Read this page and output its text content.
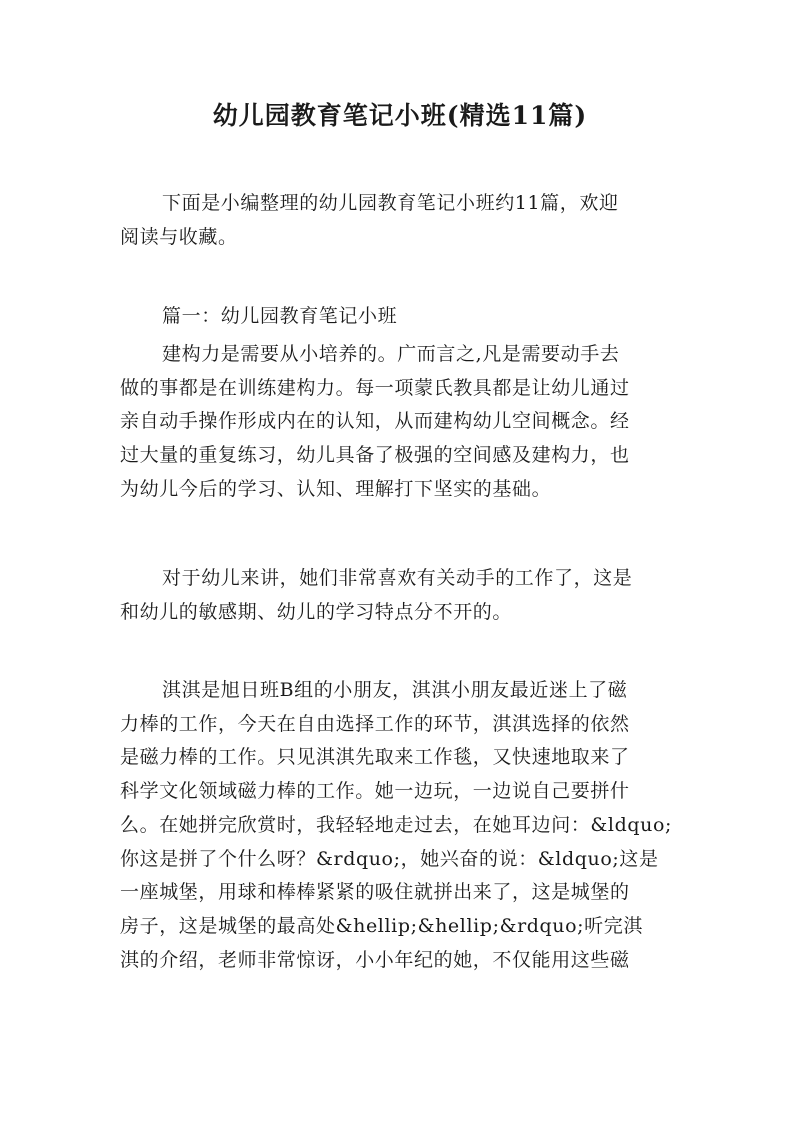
幼儿园教育笔记小班(精选11篇)
下面是小编整理的幼儿园教育笔记小班约11篇，欢迎
阅读与收藏。
篇一：幼儿园教育笔记小班
建构力是需要从小培养的。广而言之,凡是需要动手去
做的事都是在训练建构力。每一项蒙氏教具都是让幼儿通过
亲自动手操作形成内在的认知，从而建构幼儿空间概念。经
过大量的重复练习，幼儿具备了极强的空间感及建构力，也
为幼儿今后的学习、认知、理解打下坚实的基础。
对于幼儿来讲，她们非常喜欢有关动手的工作了，这是
和幼儿的敏感期、幼儿的学习特点分不开的。
淇淇是旭日班B组的小朋友，淇淇小朋友最近迷上了磁
力棒的工作，今天在自由选择工作的环节，淇淇选择的依然
是磁力棒的工作。只见淇淇先取来工作毯，又快速地取来了
科学文化领域磁力棒的工作。她一边玩，一边说自己要拼什
么。在她拼完欣赏时，我轻轻地走过去，在她耳边问：&ldquo;
你这是拼了个什么呀？&rdquo;，她兴奋的说：&ldquo;这是
一座城堡，用球和棒棒紧紧的吸住就拼出来了，这是城堡的
房子，这是城堡的最高处&hellip;&hellip;&rdquo;听完淇
淇的介绍，老师非常惊讶，小小年纪的她，不仅能用这些磁
